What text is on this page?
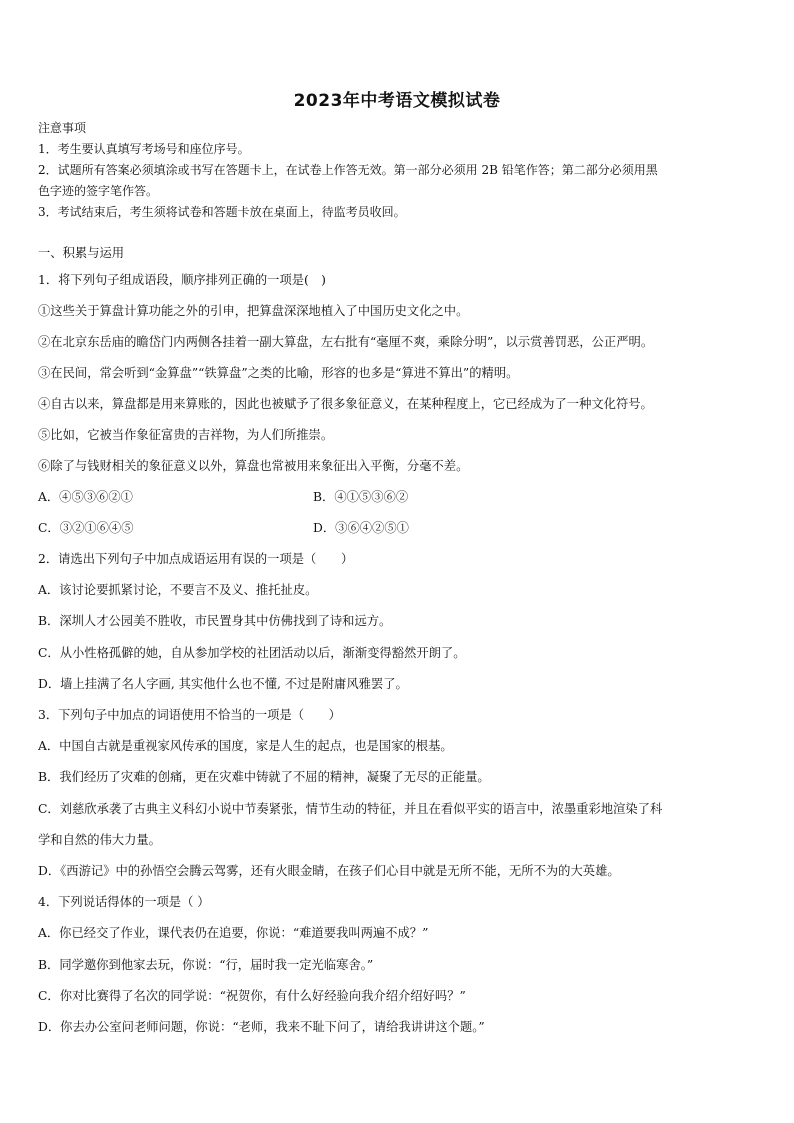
2023年中考语文模拟试卷
注意事项
1．考生要认真填写考场号和座位序号。
2．试题所有答案必须填涂或书写在答题卡上，在试卷上作答无效。第一部分必须用 2B 铅笔作答；第二部分必须用黑
色字迹的签字笔作答。
3．考试结束后，考生须将试卷和答题卡放在桌面上，待监考员收回。
一、积累与运用
1．将下列句子组成语段，顺序排列正确的一项是(　)
①这些关于算盘计算功能之外的引申，把算盘深深地植入了中国历史文化之中。
②在北京东岳庙的瞻岱门内两侧各挂着一副大算盘，左右批有“毫厘不爽，乘除分明”，以示赏善罚恶，公正严明。
③在民间，常会听到“金算盘”“铁算盘”之类的比喻，形容的也多是“算进不算出”的精明。
④自古以来，算盘都是用来算账的，因此也被赋予了很多象征意义，在某种程度上，它已经成为了一种文化符号。
⑤比如，它被当作象征富贵的吉祥物，为人们所推崇。
⑥除了与钱财相关的象征意义以外，算盘也常被用来象征出入平衡，分毫不差。
A．④⑤③⑥②①	B．④①⑤③⑥②
C．③②①⑥④⑤	D．③⑥④②⑤①
2．请选出下列句子中加点成语运用有误的一项是（　　）
A．该讨论要抓紧讨论，不要言不及义、推托扯皮。
B．深圳人才公园美不胜收，市民置身其中仿佛找到了诗和远方。
C．从小性格孤僻的她，自从参加学校的社团活动以后，渐渐变得豁然开朗了。
D．墙上挂满了名人字画, 其实他什么也不懂, 不过是附庸风雅罢了。
3．下列句子中加点的词语使用不恰当的一项是（　　）
A．中国自古就是重视家风传承的国度，家是人生的起点，也是国家的根基。
B．我们经历了灾难的创痛，更在灾难中铸就了不屈的精神，凝聚了无尽的正能量。
C．刘慈欣承袭了古典主义科幻小说中节奏紧张，情节生动的特征，并且在看似平实的语言中，浓墨重彩地渲染了科
学和自然的伟大力量。
D．《西游记》中的孙悟空会腾云驾雾，还有火眼金睛，在孩子们心目中就是无所不能，无所不为的大英雄。
4．下列说话得体的一项是（ ）
A．你已经交了作业，课代表仍在追要，你说：“难道要我叫两遍不成？”
B．同学邀你到他家去玩，你说：“行，届时我一定光临寒舍。”
C．你对比赛得了名次的同学说：“祝贺你，有什么好经验向我介绍介绍好吗？”
D．你去办公室问老师问题，你说：“老师，我来不耻下问了，请给我讲讲这个题。”
